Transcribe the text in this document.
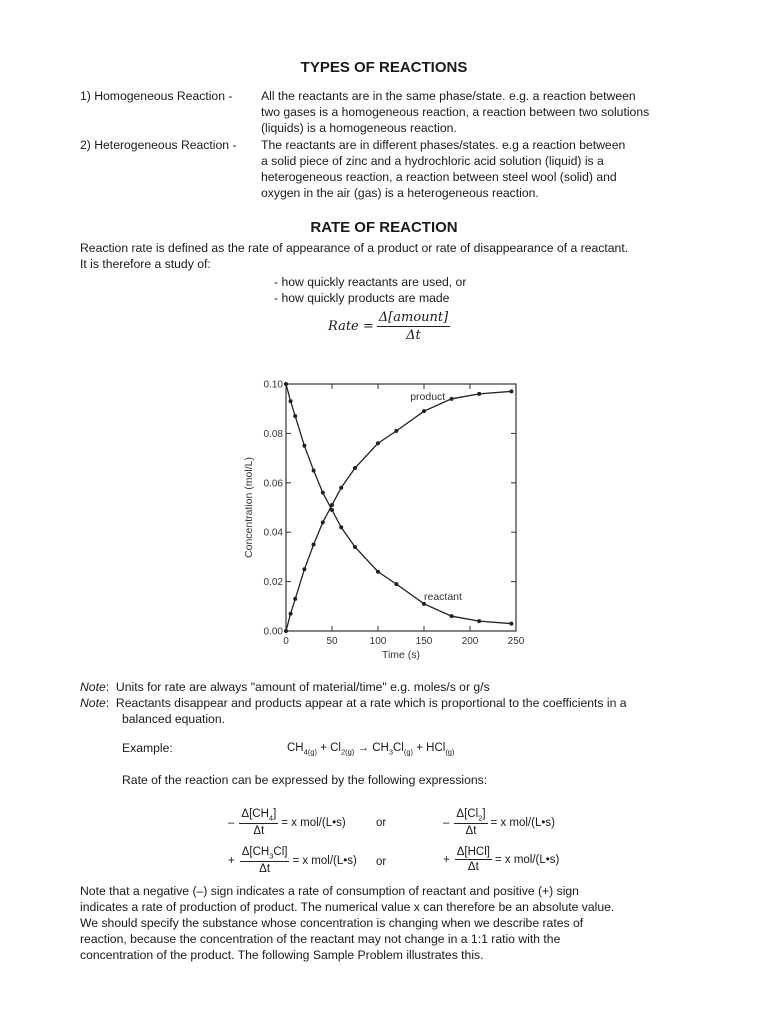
TYPES OF REACTIONS
1) Homogeneous Reaction - All the reactants are in the same phase/state. e.g. a reaction between
two gases is a homogeneous reaction, a reaction between two solutions
(liquids) is a homogeneous reaction.
2) Heterogeneous Reaction - The reactants are in different phases/states. e.g a reaction between
a solid piece of zinc and a hydrochloric acid solution (liquid) is a
heterogeneous reaction, a reaction between steel wool (solid) and
oxygen in the air (gas) is a heterogeneous reaction.
RATE OF REACTION
Reaction rate is defined as the rate of appearance of a product or rate of disappearance of a reactant.
It is therefore a study of:
- how quickly reactants are used, or
- how quickly products are made
Rate = $\frac{\text{Δ[amount]}}{\Delta t}$
0.00
0.02
0.04
0.06
0.08
0.10
0	50	100	150	200	250
Time (s)
Concentration (mol/L)
product
reactant
Note:  Units for rate are always "amount of material/time" e.g. moles/s or g/s
Note:  Reactants disappear and products appear at a rate which is proportional to the coefficients in a
balanced equation.
Example:	$CH_{4(g)} + Cl_{2(g)} \to CH_3Cl_{(g)} + HCl_{(g)}$
Rate of the reaction can be expressed by the following expressions:
– $\frac{\Delta[CH_4]}{\Delta t} = x$ mol/(L•s)	or	– $\frac{\Delta[Cl_2]}{\Delta t} = x$ mol/(L•s)
+ $\frac{\Delta[CH_3Cl]}{\Delta t} = x$ mol/(L•s) or	+ $\frac{\text{Δ[HCl]}}{\Delta t} = x$ mol/(L•s)
Note that a negative (–) sign indicates a rate of consumption of reactant and positive (+) sign
indicates a rate of production of product. The numerical value x can therefore be an absolute value.
We should specify the substance whose concentration is changing when we describe rates of
reaction, because the concentration of the reactant may not change in a 1:1 ratio with the
concentration of the product. The following Sample Problem illustrates this.
